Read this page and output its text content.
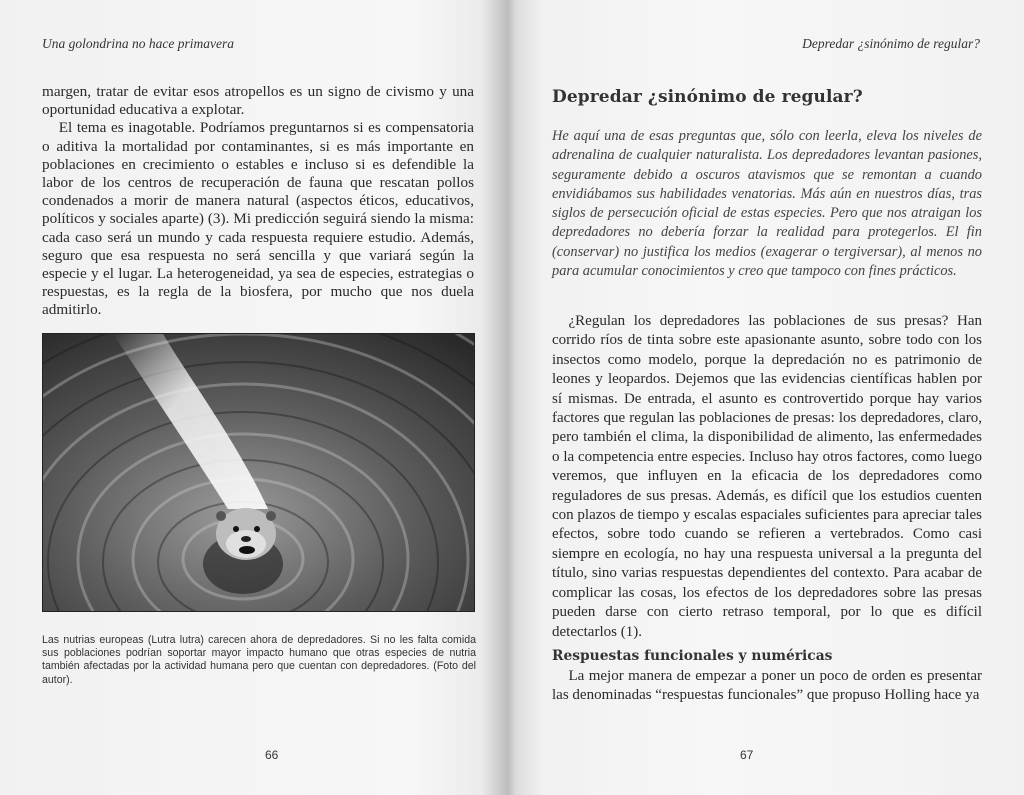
Una golondrina no hace primavera

margen, tratar de evitar esos atropellos es un signo de civismo y una oportunidad educativa a explotar.

El tema es inagotable. Podríamos preguntarnos si es compensatoria o aditiva la mortalidad por contaminantes, si es más importante en poblaciones en crecimiento o estables e incluso si es defendible la labor de los centros de recuperación de fauna que rescatan pollos condenados a morir de manera natural (aspectos éticos, educativos, políticos y sociales aparte) (3). Mi predicción seguirá siendo la misma: cada caso será un mundo y cada respuesta requiere estudio. Además, seguro que esa respuesta no será sencilla y que variará según la especie y el lugar. La heterogeneidad, ya sea de especies, estrategias o respuestas, es la regla de la biosfera, por mucho que nos duela admitirlo.

Las nutrias europeas (Lutra lutra) carecen ahora de depredadores. Si no les falta comida sus poblaciones podrían soportar mayor impacto humano que otras especies de nutria también afectadas por la actividad humana pero que cuentan con depredadores. (Foto del autor).
66
Depredar ¿sinónimo de regular?
Depredar ¿sinónimo de regular?

He aquí una de esas preguntas que, sólo con leerla, eleva los niveles de adrenalina de cualquier naturalista. Los depredadores levantan pasiones, seguramente debido a oscuros atavismos que se remontan a cuando envidiábamos sus habilidades venatorias. Más aún en nuestros días, tras siglos de persecución oficial de estas especies. Pero que nos atraigan los depredadores no debería forzar la realidad para protegerlos. El fin (conservar) no justifica los medios (exagerar o tergiversar), al menos no para acumular conocimientos y creo que tampoco con fines prácticos.

¿Regulan los depredadores las poblaciones de sus presas? Han corrido ríos de tinta sobre este apasionante asunto, sobre todo con los insectos como modelo, porque la depredación no es patrimonio de leones y leopardos. Dejemos que las evidencias científicas hablen por sí mismas. De entrada, el asunto es controvertido porque hay varios factores que regulan las poblaciones de presas: los depredadores, claro, pero también el clima, la disponibilidad de alimento, las enfermedades o la competencia entre especies. Incluso hay otros factores, como luego veremos, que influyen en la eficacia de los depredadores como reguladores de sus presas. Además, es difícil que los estudios cuenten con plazos de tiempo y escalas espaciales suficientes para apreciar tales efectos, sobre todo cuando se refieren a vertebrados. Como casi siempre en ecología, no hay una respuesta universal a la pregunta del título, sino varias respuestas dependientes del contexto. Para acabar de complicar las cosas, los efectos de los depredadores sobre las presas pueden darse con cierto retraso temporal, por lo que es difícil detectarlos (1).

Respuestas funcionales y numéricas

La mejor manera de empezar a poner un poco de orden es presentar las denominadas “respuestas funcionales” que propuso Holling hace ya

67
